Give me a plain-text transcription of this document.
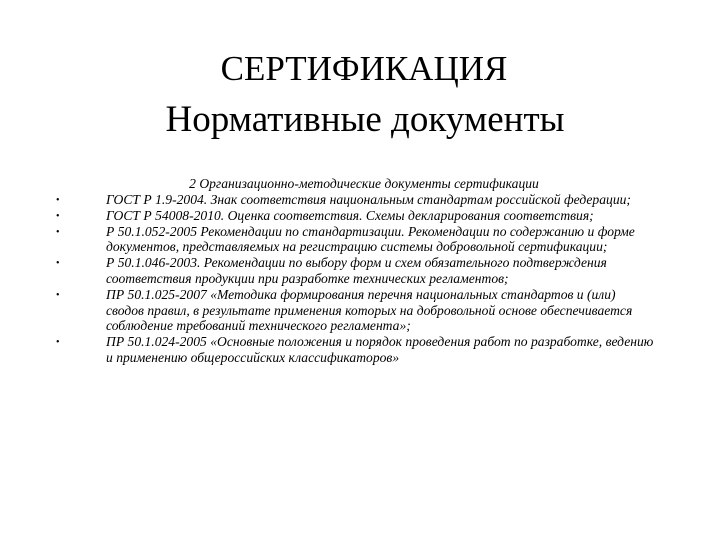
СЕРТИФИКАЦИЯ
Нормативные документы
2 Организационно-методические документы сертификации
•	ГОСТ Р 1.9-2004. Знак соответствия национальным стандартам российской федерации;
•	ГОСТ Р 54008-2010. Оценка соответствия. Схемы декларирования соответствия;
•	Р 50.1.052-2005 Рекомендации по стандартизации. Рекомендации по содержанию и форме документов, представляемых на регистрацию системы добровольной сертификации;
•	Р 50.1.046-2003. Рекомендации по выбору форм и схем обязательного подтверждения соответствия продукции при разработке технических регламентов;
•	ПР 50.1.025-2007 «Методика формирования перечня национальных стандартов и (или) сводов правил, в результате применения которых на добровольной основе обеспечивается соблюдение требований технического регламента»;
•	ПР 50.1.024-2005 «Основные положения и порядок проведения работ по разработке, ведению и применению общероссийских классификаторов»
